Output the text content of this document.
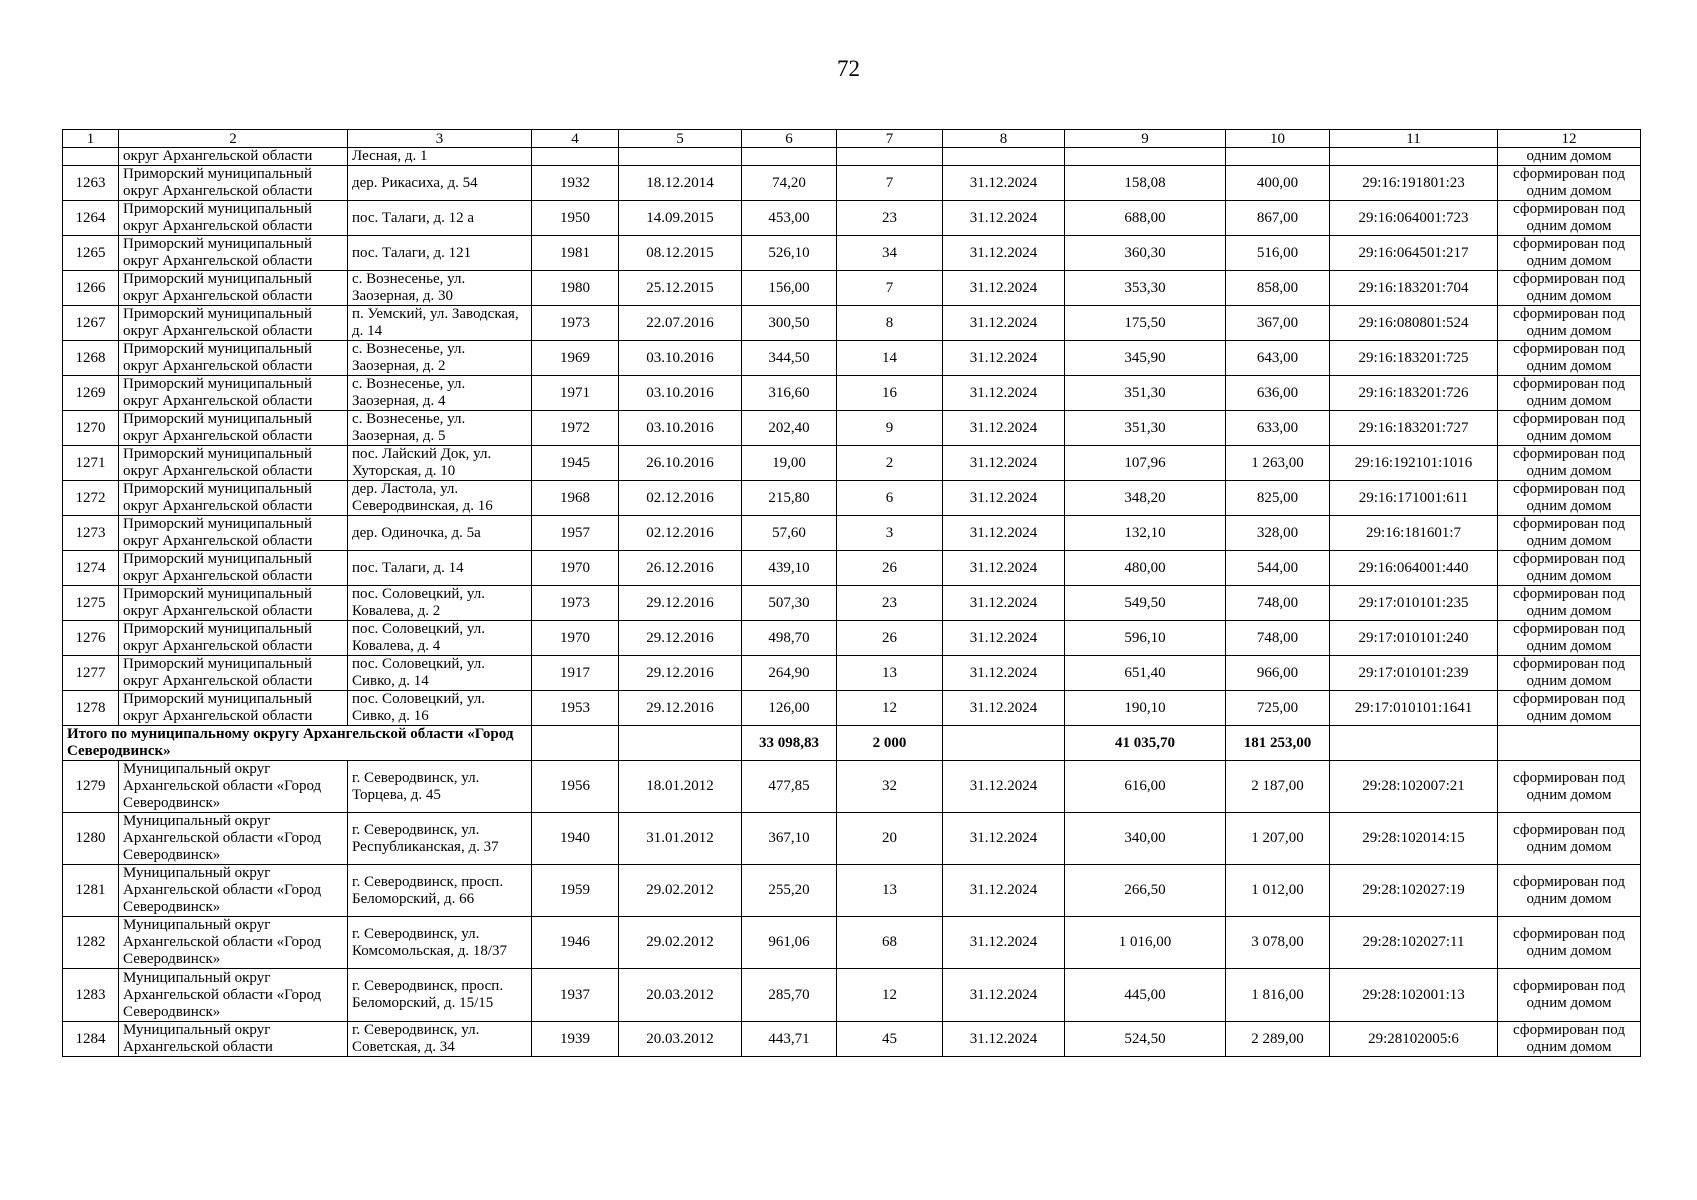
72
1	2	3	4	5	6	7	8	9	10	11	12
	округ Архангельской области	Лесная, д. 1									одним домом
1263	Приморский муниципальный округ Архангельской области	дер. Рикасиха, д. 54	1932	18.12.2014	74,20	7	31.12.2024	158,08	400,00	29:16:191801:23	сформирован под одним домом
1264	Приморский муниципальный округ Архангельской области	пос. Талаги, д. 12 а	1950	14.09.2015	453,00	23	31.12.2024	688,00	867,00	29:16:064001:723	сформирован под одним домом
1265	Приморский муниципальный округ Архангельской области	пос. Талаги, д. 121	1981	08.12.2015	526,10	34	31.12.2024	360,30	516,00	29:16:064501:217	сформирован под одним домом
1266	Приморский муниципальный округ Архангельской области	с. Вознесенье, ул. Заозерная, д. 30	1980	25.12.2015	156,00	7	31.12.2024	353,30	858,00	29:16:183201:704	сформирован под одним домом
1267	Приморский муниципальный округ Архангельской области	п. Уемский, ул. Заводская, д. 14	1973	22.07.2016	300,50	8	31.12.2024	175,50	367,00	29:16:080801:524	сформирован под одним домом
1268	Приморский муниципальный округ Архангельской области	с. Вознесенье, ул. Заозерная, д. 2	1969	03.10.2016	344,50	14	31.12.2024	345,90	643,00	29:16:183201:725	сформирован под одним домом
1269	Приморский муниципальный округ Архангельской области	с. Вознесенье, ул. Заозерная, д. 4	1971	03.10.2016	316,60	16	31.12.2024	351,30	636,00	29:16:183201:726	сформирован под одним домом
1270	Приморский муниципальный округ Архангельской области	с. Вознесенье, ул. Заозерная, д. 5	1972	03.10.2016	202,40	9	31.12.2024	351,30	633,00	29:16:183201:727	сформирован под одним домом
1271	Приморский муниципальный округ Архангельской области	пос. Лайский Док, ул. Хуторская, д. 10	1945	26.10.2016	19,00	2	31.12.2024	107,96	1 263,00	29:16:192101:1016	сформирован под одним домом
1272	Приморский муниципальный округ Архангельской области	дер. Ластола, ул. Северодвинская, д. 16	1968	02.12.2016	215,80	6	31.12.2024	348,20	825,00	29:16:171001:611	сформирован под одним домом
1273	Приморский муниципальный округ Архангельской области	дер. Одиночка, д. 5а	1957	02.12.2016	57,60	3	31.12.2024	132,10	328,00	29:16:181601:7	сформирован под одним домом
1274	Приморский муниципальный округ Архангельской области	пос. Талаги, д. 14	1970	26.12.2016	439,10	26	31.12.2024	480,00	544,00	29:16:064001:440	сформирован под одним домом
1275	Приморский муниципальный округ Архангельской области	пос. Соловецкий, ул. Ковалева, д. 2	1973	29.12.2016	507,30	23	31.12.2024	549,50	748,00	29:17:010101:235	сформирован под одним домом
1276	Приморский муниципальный округ Архангельской области	пос. Соловецкий, ул. Ковалева, д. 4	1970	29.12.2016	498,70	26	31.12.2024	596,10	748,00	29:17:010101:240	сформирован под одним домом
1277	Приморский муниципальный округ Архангельской области	пос. Соловецкий, ул. Сивко, д. 14	1917	29.12.2016	264,90	13	31.12.2024	651,40	966,00	29:17:010101:239	сформирован под одним домом
1278	Приморский муниципальный округ Архангельской области	пос. Соловецкий, ул. Сивко, д. 16	1953	29.12.2016	126,00	12	31.12.2024	190,10	725,00	29:17:010101:1641	сформирован под одним домом
Итого по муниципальному округу Архангельской области «Город Северодвинск»					33 098,83	2 000		41 035,70	181 253,00		
1279	Муниципальный округ Архангельской области «Город Северодвинск»	г. Северодвинск, ул. Торцева, д. 45	1956	18.01.2012	477,85	32	31.12.2024	616,00	2 187,00	29:28:102007:21	сформирован под одним домом
1280	Муниципальный округ Архангельской области «Город Северодвинск»	г. Северодвинск, ул. Республиканская, д. 37	1940	31.01.2012	367,10	20	31.12.2024	340,00	1 207,00	29:28:102014:15	сформирован под одним домом
1281	Муниципальный округ Архангельской области «Город Северодвинск»	г. Северодвинск, просп. Беломорский, д. 66	1959	29.02.2012	255,20	13	31.12.2024	266,50	1 012,00	29:28:102027:19	сформирован под одним домом
1282	Муниципальный округ Архангельской области «Город Северодвинск»	г. Северодвинск, ул. Комсомольская, д. 18/37	1946	29.02.2012	961,06	68	31.12.2024	1 016,00	3 078,00	29:28:102027:11	сформирован под одним домом
1283	Муниципальный округ Архангельской области «Город Северодвинск»	г. Северодвинск, просп. Беломорский, д. 15/15	1937	20.03.2012	285,70	12	31.12.2024	445,00	1 816,00	29:28:102001:13	сформирован под одним домом
1284	Муниципальный округ Архангельской области	г. Северодвинск, ул. Советская, д. 34	1939	20.03.2012	443,71	45	31.12.2024	524,50	2 289,00	29:28102005:6	сформирован под одним домом
